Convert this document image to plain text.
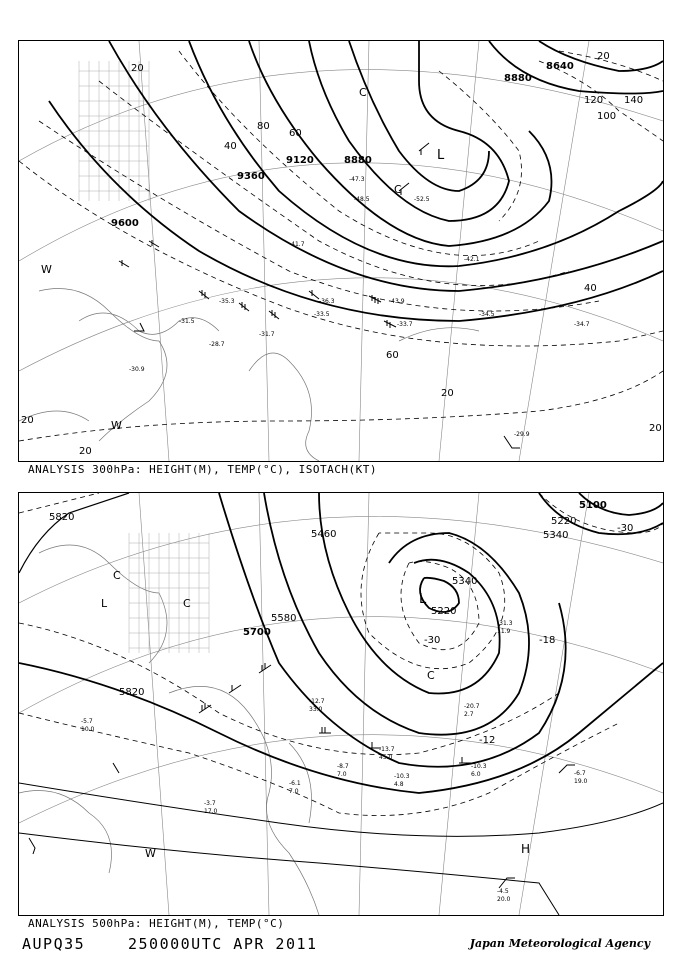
-43.9
-42.1
-36.3
-33.7
-34.5
-34.7
-31.7
-28.7
-31.5
-30.9
-29.9
-33.5
-35.3
-47.3
-48.5	-52.5
-41.7
9600
9360
9120	8880
8880
8640
20
40
60
80
100
120 140
40
60
20
20
20
20
20
L
C
C
W
W
ANALYSIS 300hPa: HEIGHT(M), TEMP(°C), ISOTACH(KT)
-6.7
19.0
-4.5
20.0
-10.3
6.0
-10.3
4.8
-13.7
45.0
-5.7
10.0
-3.7
17.0
-6.1
7.0
-8.7
7.0
-12.7
33.0	-20.7
2.7
-31.3
11.9
5820
5820
5700
5580
5460
5340
5220
5340
5220
5100
-30
-30
-18
-12
L	L
C
C
C
W	H
ANALYSIS 500hPa: HEIGHT(M), TEMP(°C)
AUPQ35	250000UTC APR 2011	Japan Meteorological Agency
